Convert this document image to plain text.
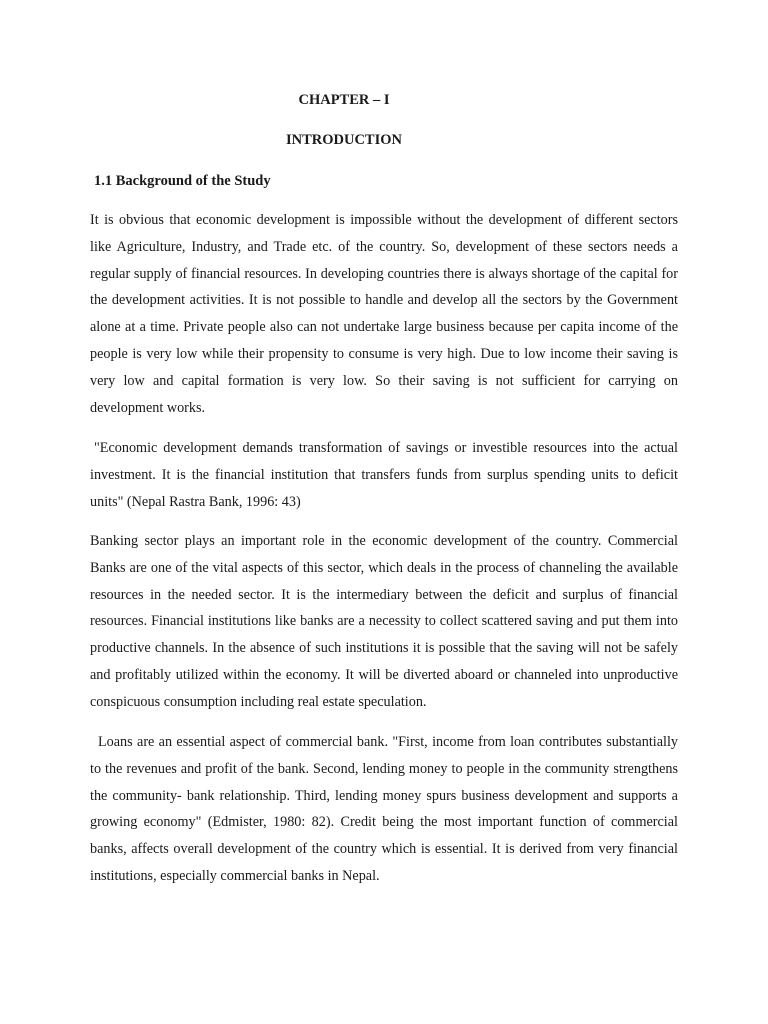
CHAPTER – I
INTRODUCTION
1.1 Background of the Study

It is obvious that economic development is impossible without the development of different sectors like Agriculture, Industry, and Trade etc. of the country. So, development of these sectors needs a regular supply of financial resources. In developing countries there is always shortage of the capital for the development activities. It is not possible to handle and develop all the sectors by the Government alone at a time. Private people also can not undertake large business because per capita income of the people is very low while their propensity to consume is very high. Due to low income their saving is very low and capital formation is very low. So their saving is not sufficient for carrying on development works.

"Economic development demands transformation of savings or investible resources into the actual investment. It is the financial institution that transfers funds from surplus spending units to deficit units" (Nepal Rastra Bank, 1996: 43)

Banking sector plays an important role in the economic development of the country. Commercial Banks are one of the vital aspects of this sector, which deals in the process of channeling the available resources in the needed sector. It is the intermediary between the deficit and surplus of financial resources. Financial institutions like banks are a necessity to collect scattered saving and put them into productive channels. In the absence of such institutions it is possible that the saving will not be safely and profitably utilized within the economy. It will be diverted aboard or channeled into unproductive conspicuous consumption including real estate speculation.

Loans are an essential aspect of commercial bank. "First, income from loan contributes substantially to the revenues and profit of the bank. Second, lending money to people in the community strengthens the community- bank relationship. Third, lending money spurs business development and supports a growing economy" (Edmister, 1980: 82). Credit being the most important function of commercial banks, affects overall development of the country which is essential. It is derived from very financial institutions, especially commercial banks in Nepal.
